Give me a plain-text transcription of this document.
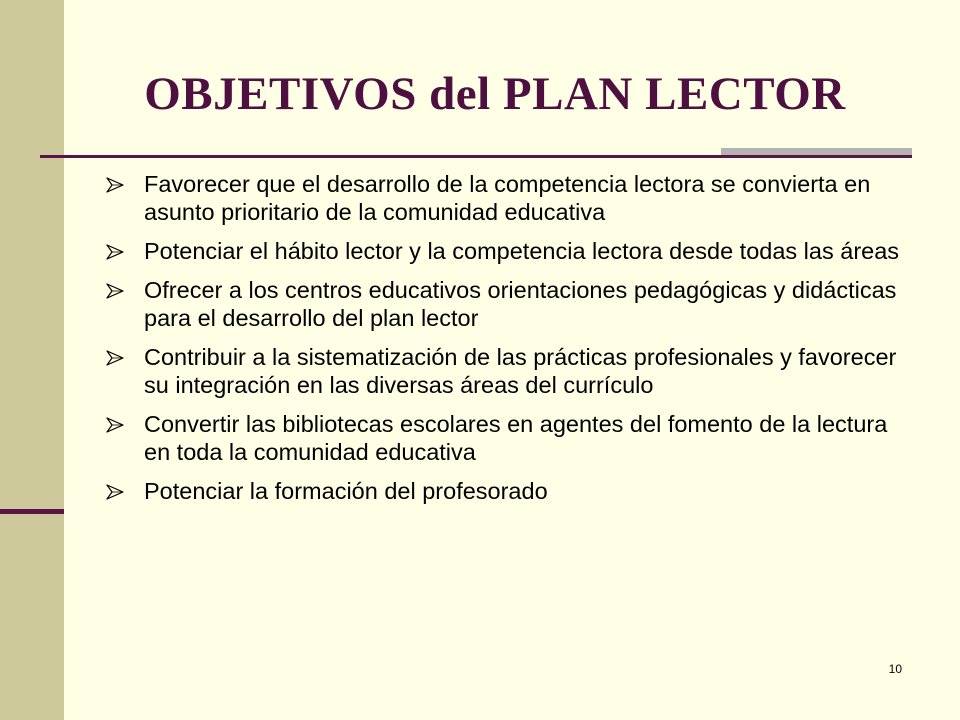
OBJETIVOS del PLAN LECTOR
Favorecer que el desarrollo de la competencia lectora se convierta en asunto prioritario de la comunidad educativa
Potenciar el hábito lector y la competencia lectora desde todas las áreas
Ofrecer a los centros educativos orientaciones pedagógicas y didácticas para el desarrollo del plan lector
Contribuir a la sistematización de las prácticas profesionales y favorecer su integración en las diversas áreas del currículo
Convertir las bibliotecas escolares en agentes del fomento de la lectura en toda la comunidad educativa
Potenciar la formación del profesorado
10
